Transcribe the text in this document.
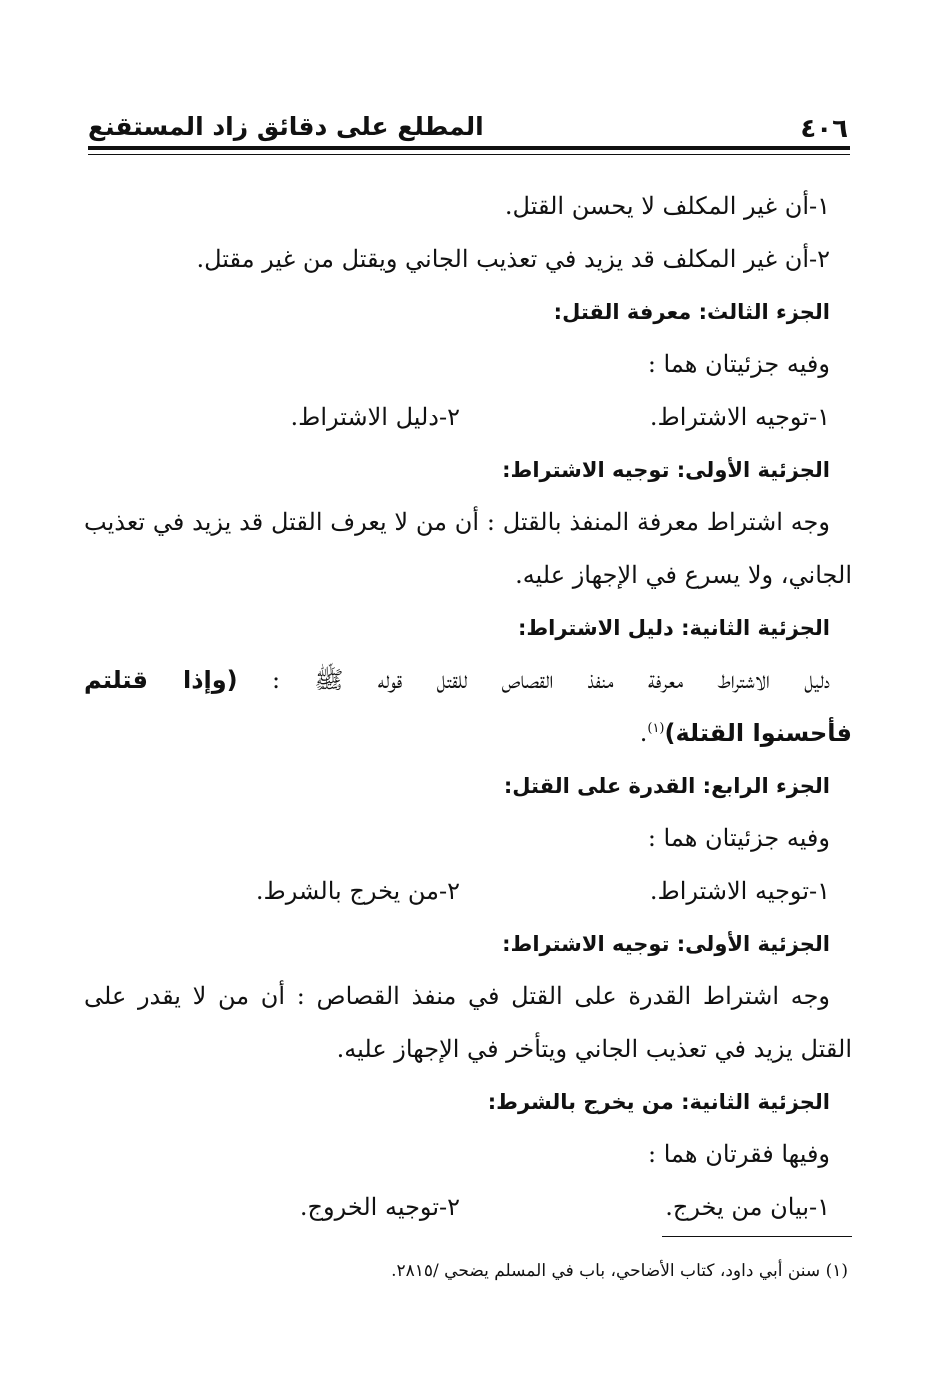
٤٠٦
المطلع على دقائق زاد المستقنع
١-أن غير المكلف لا يحسن القتل.
٢-أن غير المكلف قد يزيد في تعذيب الجاني ويقتل من غير مقتل.
الجزء الثالث: معرفة القتل:
وفيه جزئيتان هما :
١-توجيه الاشتراط.
٢-دليل الاشتراط.
الجزئية الأولى: توجيه الاشتراط:
وجه اشتراط معرفة المنفذ بالقتل : أن من لا يعرف القتل قد يزيد في تعذيب
الجاني، ولا يسرع في الإجهاز عليه.
الجزئية الثانية: دليل الاشتراط:
دليل الاشتراط معرفة منفذ القصاص للقتل قوله ﷺ : (وإذا قتلتم
فأحسنوا القتلة)$^{(١)}$.
الجزء الرابع: القدرة على القتل:
وفيه جزئيتان هما :
١-توجيه الاشتراط.
٢-من يخرج بالشرط.
الجزئية الأولى: توجيه الاشتراط:
وجه اشتراط القدرة على القتل في منفذ القصاص : أن من لا يقدر على
القتل يزيد في تعذيب الجاني ويتأخر في الإجهاز عليه.
الجزئية الثانية: من يخرج بالشرط:
وفيها فقرتان هما :
١-بيان من يخرج.
٢-توجيه الخروج.
(١) سنن أبي داود، كتاب الأضاحي، باب في المسلم يضحي /٢٨١٥.
